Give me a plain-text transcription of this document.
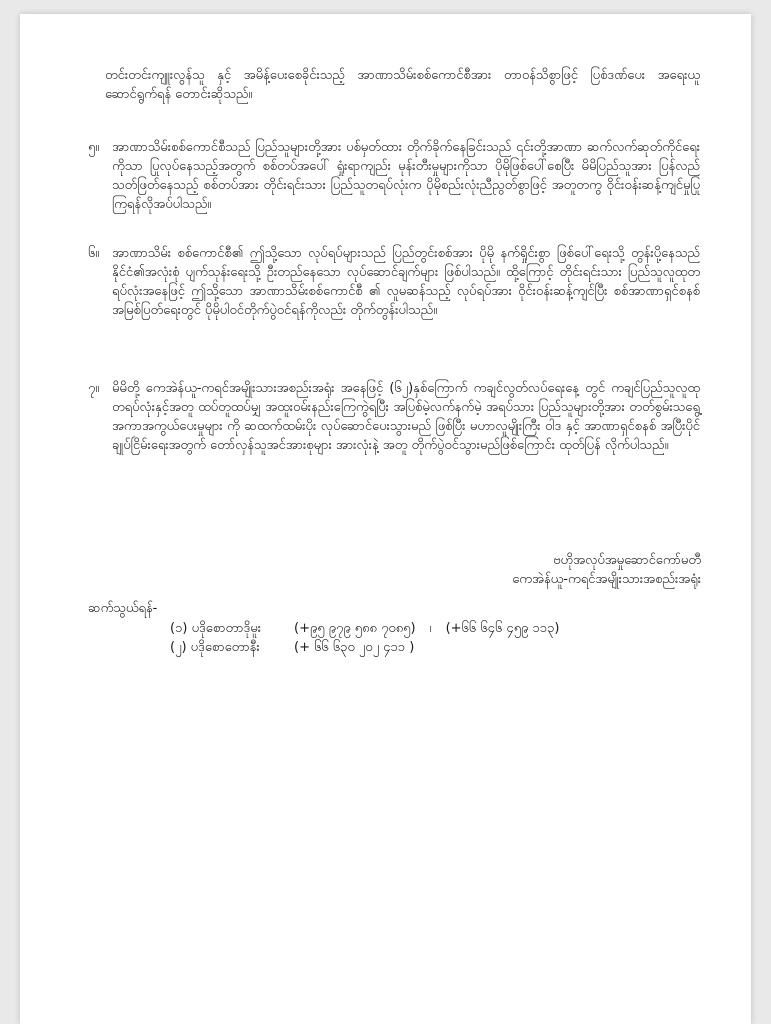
တင်းတင်းကျူးလွန်သူ နှင့် အမိန့်ပေးစေခိုင်းသည့် အာဏာသိမ်းစစ်ကောင်စီအား တာဝန်သိစွာဖြင့် ပြစ်ဒဏ်ပေး အရေးယူ ဆောင်ရွက်ရန် တောင်းဆိုသည်။
၅။ အာဏာသိမ်းစစ်ကောင်စီသည် ပြည်သူများတို့အား ပစ်မှတ်ထား တိုက်ခိုက်နေခြင်းသည် ၎င်းတို့အာဏာ ဆက်လက်ဆုတ်ကိုင်ရေးကိုသာ ပြုလုပ်နေသည့်အတွက် စစ်တပ်အပေါ် ရှုံးရာကျည်း မုန်းတီးမှုများကိုသာ ပိုမိုဖြစ်ပေါ်စေပြီး မိမိပြည်သူအား ပြန်လည်သတ်ဖြတ်နေသည့် စစ်တပ်အား တိုင်းရင်းသား ပြည်သူတရပ်လုံးက ပိုမိုစည်းလုံးညီညွတ်စွာဖြင့် အတူတကွ ဝိုင်းဝန်းဆန့်ကျင်မှုပြုကြရန်လိုအပ်ပါသည်။
၆။ အာဏာသိမ်း စစ်ကောင်စီ၏ ဤသို့သော လုပ်ရပ်များသည် ပြည်တွင်းစစ်အား ပိုမို နက်ရှိုင်းစွာ ဖြစ်ပေါ်ရေးသို့ တွန်းပို့နေသည် နိုင်ငံ၏အလုံးစုံ ပျက်သုန်းရေးသို့ ဦးတည်နေသော လုပ်ဆောင်ချက်များ ဖြစ်ပါသည်။ ထို့ကြောင့် တိုင်းရင်းသား ပြည်သူလူထုတရပ်လုံးအနေဖြင့် ဤသို့သော အာဏာသိမ်းစစ်ကောင်စီ ၏ လူမဆန်သည့် လုပ်ရပ်အား ဝိုင်းဝန်းဆန့်ကျင်ပြီး စစ်အာဏာရှင်စနစ် အမြစ်ပြတ်ရေးတွင် ပိုမိုပါဝင်တိုက်ပွဲဝင်ရန်ကိုလည်း တိုက်တွန်းပါသည်။
၇။ မိမိတို့ ကေအဲန်ယူ-ကရင်အမျိုးသားအစည်းအရုံး အနေဖြင့် (၆၂)နှစ်ကြောက် ကချင်လွတ်လပ်ရေးနေ့ တွင် ကချင်ပြည်သူလူထုတရပ်လုံးနှင့်အတူ ထပ်တူထပ်မျှ အထူးဝမ်းနည်းကြေကွဲရပြီး အပြစ်မဲ့လက်နက်မဲ့ အရပ်သား ပြည်သူများတို့အား တတ်စွမ်းသရွေ့ အကာအကွယ်ပေးမှုများ ကို ဆထက်ထမ်းပိုး လုပ်ဆောင်ပေးသွားမည် ဖြစ်ပြီး မဟာလူမျိုးကြီး ဝါဒ နှင့် အာဏာရှင်စနစ် အပြီးပိုင် ချုပ်ငြိမ်းရေးအတွက် တော်လှန်သူအင်အားစုများ အားလုံးနဲ့ အတူ တိုက်ပွဲဝင်သွားမည်ဖြစ်ကြောင်း ထုတ်ပြန် လိုက်ပါသည်။
ဗဟိုအလုပ်အမှုဆောင်ကော်မတီ
ကေအဲန်ယူ-ကရင်အမျိုးသားအစည်းအရုံး
ဆက်သွယ်ရန်-
(၁) ပဒိုစောတာဒိုမူး	(+၉၅ ၉၇၉ ၅၈၈ ၇၀၈၅) ၊ (+၆၆ ၆၄၆ ၄၅၉ ၁၁၃)
(၂) ပဒိုစောတောနီး	(+ ၆၆ ၆၃၀ ၂၀၂ ၄၁၁ )
